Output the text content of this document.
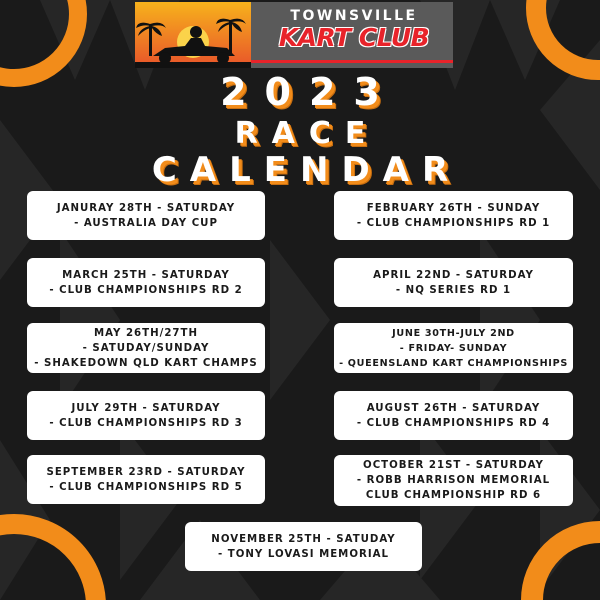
TOWNSVILLE
KART CLUB
2023
RACE
CALENDAR
JANURAY 28TH - SATURDAY
- AUSTRALIA DAY CUP
FEBRUARY 26TH - SUNDAY
- CLUB CHAMPIONSHIPS RD 1
MARCH 25TH - SATURDAY
- CLUB CHAMPIONSHIPS RD 2
APRIL 22ND - SATURDAY
- NQ SERIES RD 1
MAY 26TH/27TH
- SATUDAY/SUNDAY
- SHAKEDOWN QLD KART CHAMPS
JUNE 30TH-JULY 2ND
- FRIDAY- SUNDAY
- QUEENSLAND KART CHAMPIONSHIPS
JULY 29TH - SATURDAY
- CLUB CHAMPIONSHIPS RD 3
AUGUST 26TH - SATURDAY
- CLUB CHAMPIONSHIPS RD 4
SEPTEMBER 23RD - SATURDAY
- CLUB CHAMPIONSHIPS RD 5
OCTOBER 21ST - SATURDAY
- ROBB HARRISON MEMORIAL
CLUB CHAMPIONSHIP RD 6
NOVEMBER 25TH - SATUDAY
- TONY LOVASI MEMORIAL
